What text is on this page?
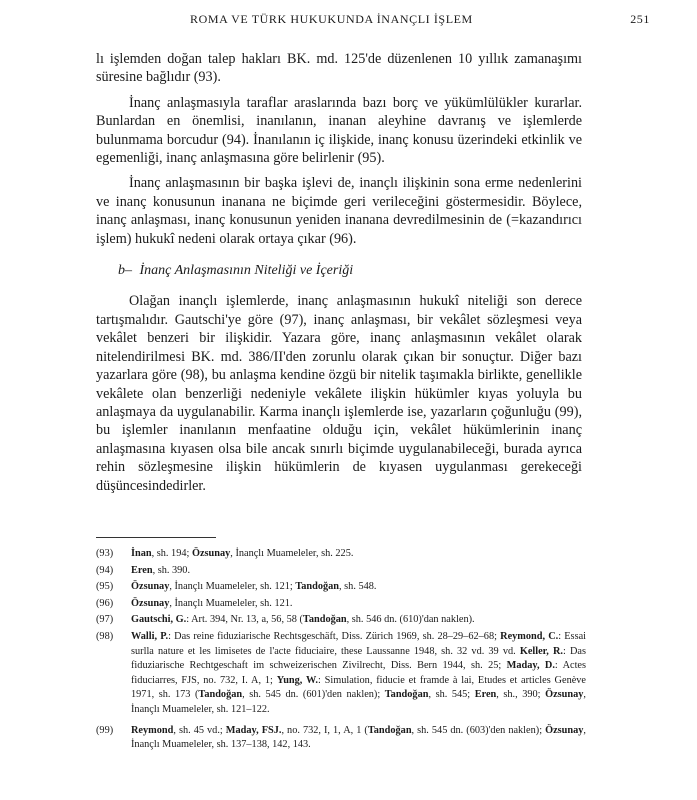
ROMA VE TÜRK HUKUKUNDA İNANÇLI İŞLEM	251

lı işlemden doğan talep hakları BK. md. 125'de düzenlenen 10 yıllık zamanaşımı süresine bağlıdır (93).

İnanç anlaşmasıyla taraflar araslarında bazı borç ve yükümlülükler kurarlar. Bunlardan en önemlisi, inanılanın, inanan aleyhine davranış ve işlemlerde bulunmama borcudur (94). İnanılanın iç ilişkide, inanç konusu üzerindeki etkinlik ve egemenliği, inanç anlaşmasına göre belirlenir (95).

İnanç anlaşmasının bir başka işlevi de, inançlı ilişkinin sona erme nedenlerini ve inanç konusunun inanana ne biçimde geri verileceğini göstermesidir. Böylece, inanç anlaşması, inanç konusunun yeniden inanana devredilmesinin de (=kazandırıcı işlem) hukukî nedeni olarak ortaya çıkar (96).

b– İnanç Anlaşmasının Niteliği ve İçeriği

Olağan inançlı işlemlerde, inanç anlaşmasının hukukî niteliği son derece tartışmalıdır. Gautschi'ye göre (97), inanç anlaşması, bir vekâlet sözleşmesi veya vekâlet benzeri bir ilişkidir. Yazara göre, inanç anlaşmasının vekâlet olarak nitelendirilmesi BK. md. 386/II'den zorunlu olarak çıkan bir sonuçtur. Diğer bazı yazarlara göre (98), bu anlaşma kendine özgü bir nitelik taşımakla birlikte, genellikle vekâlete olan benzerliği nedeniyle vekâlete ilişkin hükümler kıyas yoluyla bu anlaşmaya da uygulanabilir. Karma inançlı işlemlerde ise, yazarların çoğunluğu (99), bu işlemler inanılanın menfaatine olduğu için, vekâlet hükümlerinin inanç anlaşmasına kıyasen olsa bile ancak sınırlı biçimde uygulanabileceği, burada ayrıca rehin sözleşmesine ilişkin hükümlerin de kıyasen uygulanması gerekeceği düşüncesindedirler.

(93)	İnan, sh. 194; Özsunay, İnançlı Muameleler, sh. 225.
(94)	Eren, sh. 390.
(95)	Özsunay, İnançlı Muameleler, sh. 121; Tandoğan, sh. 548.
(96)	Özsunay, İnançlı Muameleler, sh. 121.
(97)	Gautschi, G.: Art. 394, Nr. 13, a, 56, 58 (Tandoğan, sh. 546 dn. (610)'dan naklen).
(98)	Walli, P.: Das reine fiduziarische Rechtsgeschäft, Diss. Zürich 1969, sh. 28–29–62–68; Reymond, C.: Essai surlla nature et les limisetes de l'acte fiduciaire, these Laussanne 1948, sh. 32 vd. 39 vd. Keller, R.: Das fiduziarische Rechtgeschaft im schweizerischen Zivilrecht, Diss. Bern 1944, sh. 25; Maday, D.: Actes fiduciarres, FJS, no. 732, I. A, 1; Yung, W.: Simulation, fiducie et framde à lai, Etudes et articles Genève 1971, sh. 173 (Tandoğan, sh. 545 dn. (601)'den naklen); Tandoğan, sh. 545; Eren, sh., 390; Özsunay, İnançlı Muameleler, sh. 121–122.
(99)	Reymond, sh. 45 vd.; Maday, FSJ., no. 732, I, 1, A, 1 (Tandoğan, sh. 545 dn. (603)'den naklen); Özsunay, İnançlı Muameleler, sh. 137–138, 142, 143.
